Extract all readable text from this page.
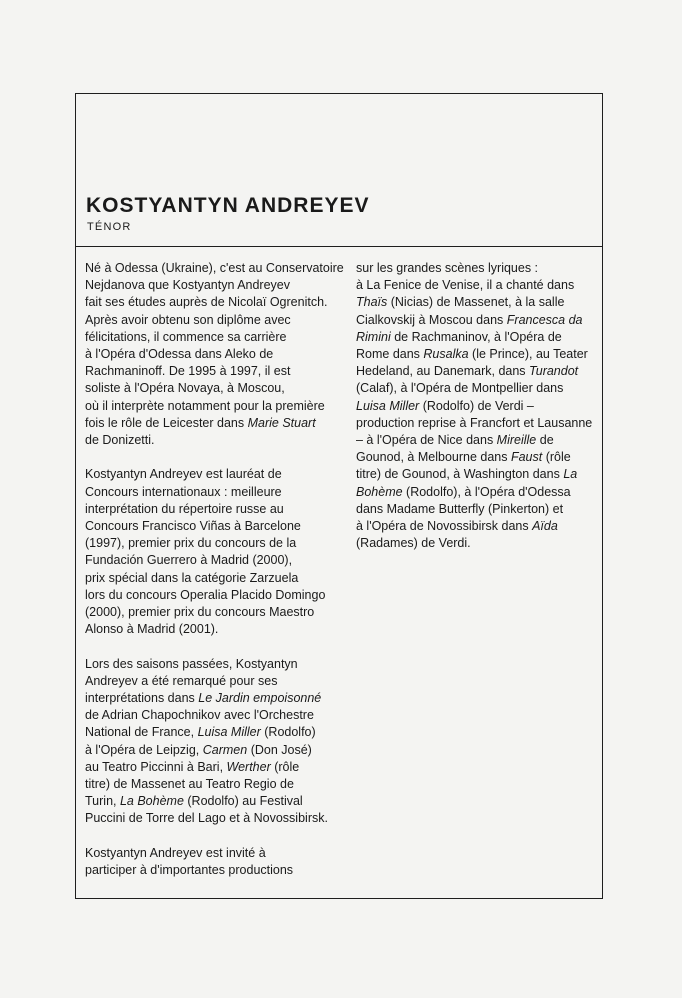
KOSTYANTYN ANDREYEV

TÉNOR

Né à Odessa (Ukraine), c'est au Conservatoire
Nejdanova que Kostyantyn Andreyev
fait ses études auprès de Nicolaï Ogrenitch.
Après avoir obtenu son diplôme avec
félicitations, il commence sa carrière
à l'Opéra d'Odessa dans Aleko de
Rachmaninoff. De 1995 à 1997, il est
soliste à l'Opéra Novaya, à Moscou,
où il interprète notamment pour la première
fois le rôle de Leicester dans Marie Stuart
de Donizetti.
Kostyantyn Andreyev est lauréat de
Concours internationaux : meilleure
interprétation du répertoire russe au
Concours Francisco Viñas à Barcelone
(1997), premier prix du concours de la
Fundación Guerrero à Madrid (2000),
prix spécial dans la catégorie Zarzuela
lors du concours Operalia Placido Domingo
(2000), premier prix du concours Maestro
Alonso à Madrid (2001).
Lors des saisons passées, Kostyantyn
Andreyev a été remarqué pour ses
interprétations dans Le Jardin empoisonné
de Adrian Chapochnikov avec l'Orchestre
National de France, Luisa Miller (Rodolfo)
à l'Opéra de Leipzig, Carmen (Don José)
au Teatro Piccinni à Bari, Werther (rôle
titre) de Massenet au Teatro Regio de
Turin, La Bohème (Rodolfo) au Festival
Puccini de Torre del Lago et à Novossibirsk.
Kostyantyn Andreyev est invité à
participer à d'importantes productions
sur les grandes scènes lyriques :
à La Fenice de Venise, il a chanté dans
Thaïs (Nicias) de Massenet, à la salle
Cialkovskij à Moscou dans Francesca da
Rimini de Rachmaninov, à l'Opéra de
Rome dans Rusalka (le Prince), au Teater
Hedeland, au Danemark, dans Turandot
(Calaf), à l'Opéra de Montpellier dans
Luisa Miller (Rodolfo) de Verdi –
production reprise à Francfort et Lausanne
– à l'Opéra de Nice dans Mireille de
Gounod, à Melbourne dans Faust (rôle
titre) de Gounod, à Washington dans La
Bohème (Rodolfo), à l'Opéra d'Odessa
dans Madame Butterfly (Pinkerton) et
à l'Opéra de Novossibirsk dans Aïda
(Radames) de Verdi.
